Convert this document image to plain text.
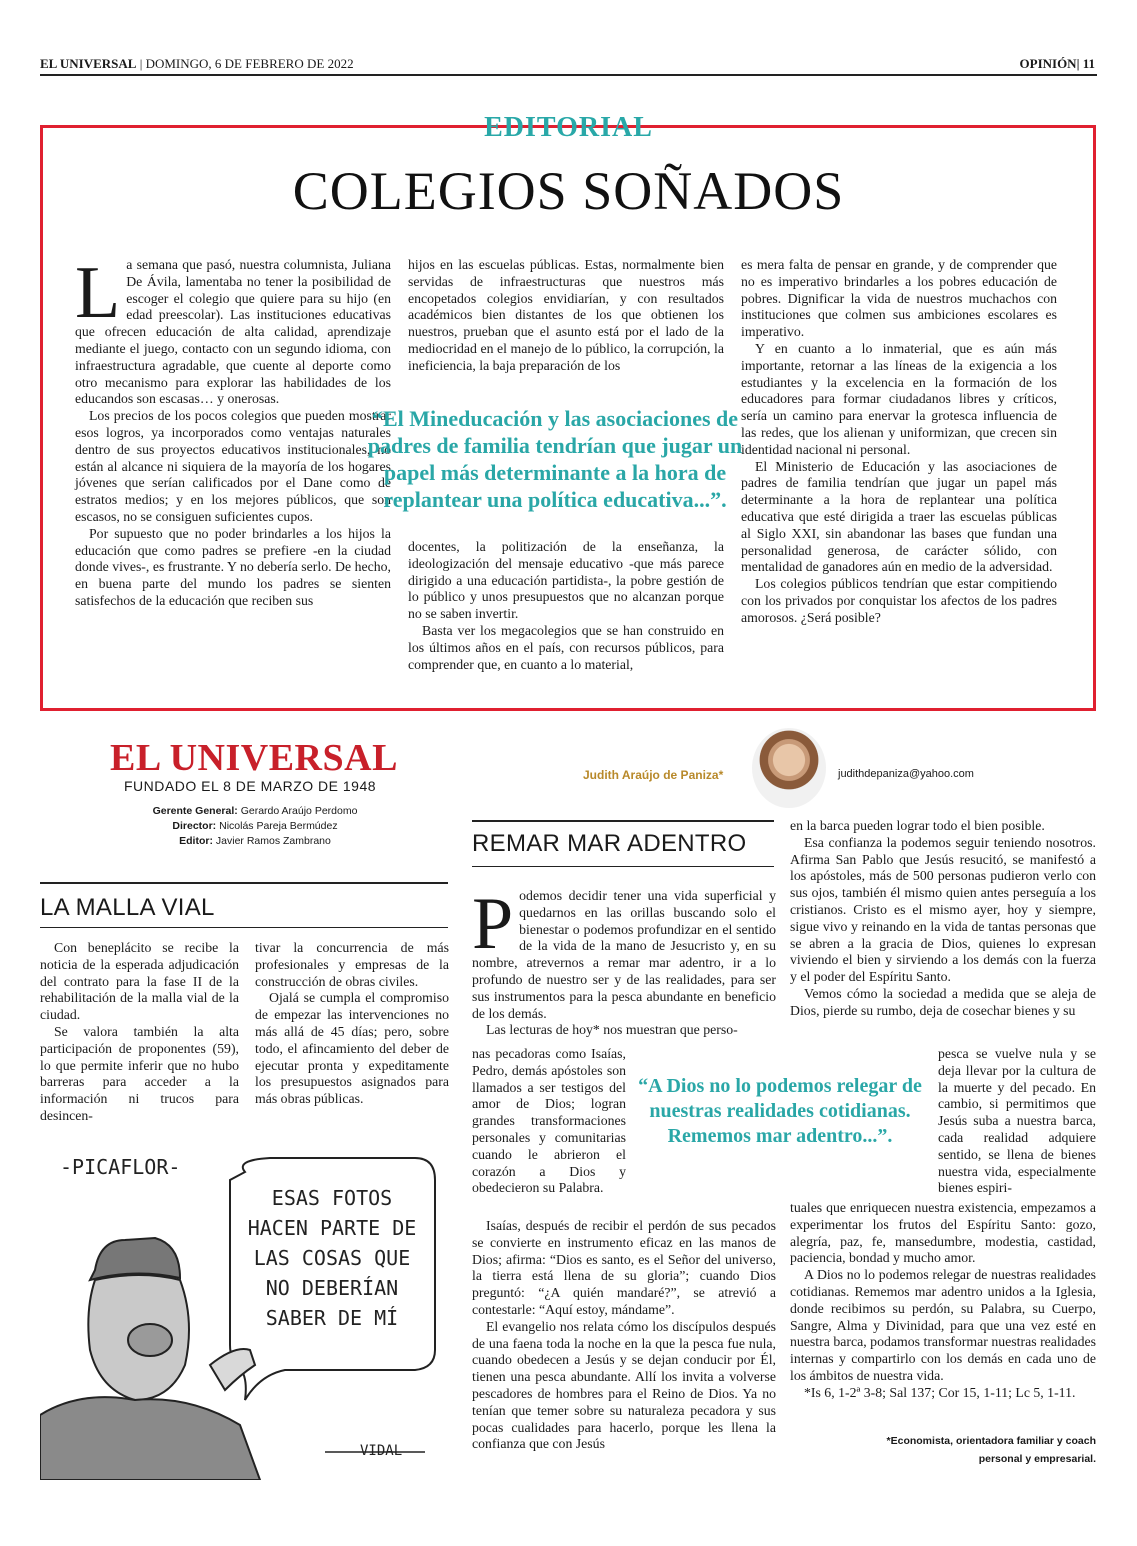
EL UNIVERSAL | DOMINGO, 6 DE FEBRERO DE 2022	OPINIÓN| 11
EDITORIAL
COLEGIOS SOÑADOS

La semana que pasó, nuestra columnista, Juliana De Ávila, lamentaba no tener la posibilidad de escoger el colegio que quiere para su hijo (en edad preescolar). Las instituciones educativas que ofrecen educación de alta calidad, aprendizaje mediante el juego, contacto con un segundo idioma, con infraestructura agradable, que cuente al deporte como otro mecanismo para explorar las habilidades de los educandos son escasas… y onerosas.

Los precios de los pocos colegios que pueden mostrar esos logros, ya incorporados como ventajas naturales dentro de sus proyectos educativos institucionales, no están al alcance ni siquiera de la mayoría de los hogares jóvenes que serían calificados por el Dane como de estratos medios; y en los mejores públicos, que son escasos, no se consiguen suficientes cupos.

Por supuesto que no poder brindarles a los hijos la educación que como padres se prefiere -en la ciudad donde vives-, es frustrante. Y no debería serlo. De hecho, en buena parte del mundo los padres se sienten satisfechos de la educación que reciben sus

hijos en las escuelas públicas. Estas, normalmente bien servidas de infraestructuras que nuestros más encopetados colegios envidiarían, y con resultados académicos bien distantes de los que obtienen los nuestros, prueban que el asunto está por el lado de la mediocridad en el manejo de lo público, la corrupción, la ineficiencia, la baja preparación de los

“El Mineducación y las asociaciones de padres de familia tendrían que jugar un papel más determinante a la hora de replantear una política educativa...”.

docentes, la politización de la enseñanza, la ideologización del mensaje educativo -que más parece dirigido a una educación partidista-, la pobre gestión de lo público y unos presupuestos que no alcanzan porque no se saben invertir.

Basta ver los megacolegios que se han construido en los últimos años en el país, con recursos públicos, para comprender que, en cuanto a lo material,

es mera falta de pensar en grande, y de comprender que no es imperativo brindarles a los pobres educación de pobres. Dignificar la vida de nuestros muchachos con instituciones que colmen sus ambiciones escolares es imperativo.

Y en cuanto a lo inmaterial, que es aún más importante, retornar a las líneas de la exigencia a los estudiantes y la excelencia en la formación de los educadores para formar ciudadanos libres y críticos, sería un camino para enervar la grotesca influencia de las redes, que los alienan y uniformizan, que crecen sin identidad nacional ni personal.

El Ministerio de Educación y las asociaciones de padres de familia tendrían que jugar un papel más determinante a la hora de replantear una política educativa que esté dirigida a traer las escuelas públicas al Siglo XXI, sin abandonar las bases que fundan una personalidad generosa, de carácter sólido, con mentalidad de ganadores aún en medio de la adversidad.

Los colegios públicos tendrían que estar compitiendo con los privados por conquistar los afectos de los padres amorosos. ¿Será posible?

EL UNIVERSAL
FUNDADO EL 8 DE MARZO DE 1948
Gerente General: Gerardo Araújo Perdomo
Director: Nicolás Pareja Bermúdez
Editor: Javier Ramos Zambrano
LA MALLA VIAL

Con beneplácito se recibe la noticia de la esperada adjudicación del contrato para la fase II de la rehabilitación de la malla vial de la ciudad.

Se valora también la alta participación de proponentes (59), lo que permite inferir que no hubo barreras para acceder a la información ni trucos para desincen-

tivar la concurrencia de más profesionales y empresas de la construcción de obras civiles.

Ojalá se cumpla el compromiso de empezar las intervenciones no más allá de 45 días; pero, sobre todo, el afincamiento del deber de ejecutar pronta y expeditamente los presupuestos asignados para más obras públicas.

-PICAFLOR-
ESAS FOTOS
HACEN PARTE DE
LAS COSAS QUE
NO DEBERÍAN
SABER DE MÍ
VIDAL
Judith Araújo de Paniza*	judithdepaniza@yahoo.com
REMAR MAR ADENTRO

Podemos decidir tener una vida superficial y quedarnos en las orillas buscando solo el bienestar o podemos profundizar en el sentido de la vida de la mano de Jesucristo y, en su nombre, atrevernos a remar mar adentro, ir a lo profundo de nuestro ser y de las realidades, para ser sus instrumentos para la pesca abundante en beneficio de los demás.

Las lecturas de hoy* nos muestran que perso-

nas pecadoras como Isaías, Pedro, demás apóstoles son llamados a ser testigos del amor de Dios; logran grandes transformaciones personales y comunitarias cuando le abrieron el corazón a Dios y obedecieron su Palabra.

“A Dios no lo podemos relegar de nuestras realidades cotidianas. Rememos mar adentro...”.

Isaías, después de recibir el perdón de sus pecados se convierte en instrumento eficaz en las manos de Dios; afirma: “Dios es santo, es el Señor del universo, la tierra está llena de su gloria”; cuando Dios preguntó: “¿A quién mandaré?”, se atrevió a contestarle: “Aquí estoy, mándame”.

El evangelio nos relata cómo los discípulos después de una faena toda la noche en la que la pesca fue nula, cuando obedecen a Jesús y se dejan conducir por Él, tienen una pesca abundante. Allí los invita a volverse pescadores de hombres para el Reino de Dios. Ya no tenían que temer sobre su naturaleza pecadora y sus pocas cualidades para hacerlo, porque les llena la confianza que con Jesús

en la barca pueden lograr todo el bien posible.

Esa confianza la podemos seguir teniendo nosotros. Afirma San Pablo que Jesús resucitó, se manifestó a los apóstoles, más de 500 personas pudieron verlo con sus ojos, también él mismo quien antes perseguía a los cristianos. Cristo es el mismo ayer, hoy y siempre, sigue vivo y reinando en la vida de tantas personas que se abren a la gracia de Dios, quienes lo expresan viviendo el bien y sirviendo a los demás con la fuerza y el poder del Espíritu Santo.

Vemos cómo la sociedad a medida que se aleja de Dios, pierde su rumbo, deja de cosechar bienes y su

pesca se vuelve nula y se deja llevar por la cultura de la muerte y del pecado. En cambio, si permitimos que Jesús suba a nuestra barca, cada realidad adquiere sentido, se llena de bienes nuestra vida, especialmente bienes espiri-

tuales que enriquecen nuestra existencia, empezamos a experimentar los frutos del Espíritu Santo: gozo, alegría, paz, fe, mansedumbre, modestia, castidad, paciencia, bondad y mucho amor.

A Dios no lo podemos relegar de nuestras realidades cotidianas. Rememos mar adentro unidos a la Iglesia, donde recibimos su perdón, su Palabra, su Cuerpo, Sangre, Alma y Divinidad, para que una vez esté en nuestra barca, podamos transformar nuestras realidades internas y compartirlo con los demás en cada uno de los ámbitos de nuestra vida.

*Is 6, 1-2ª 3-8; Sal 137; Cor 15, 1-11; Lc 5, 1-11.

*Economista, orientadora familiar y coach
personal y empresarial.
